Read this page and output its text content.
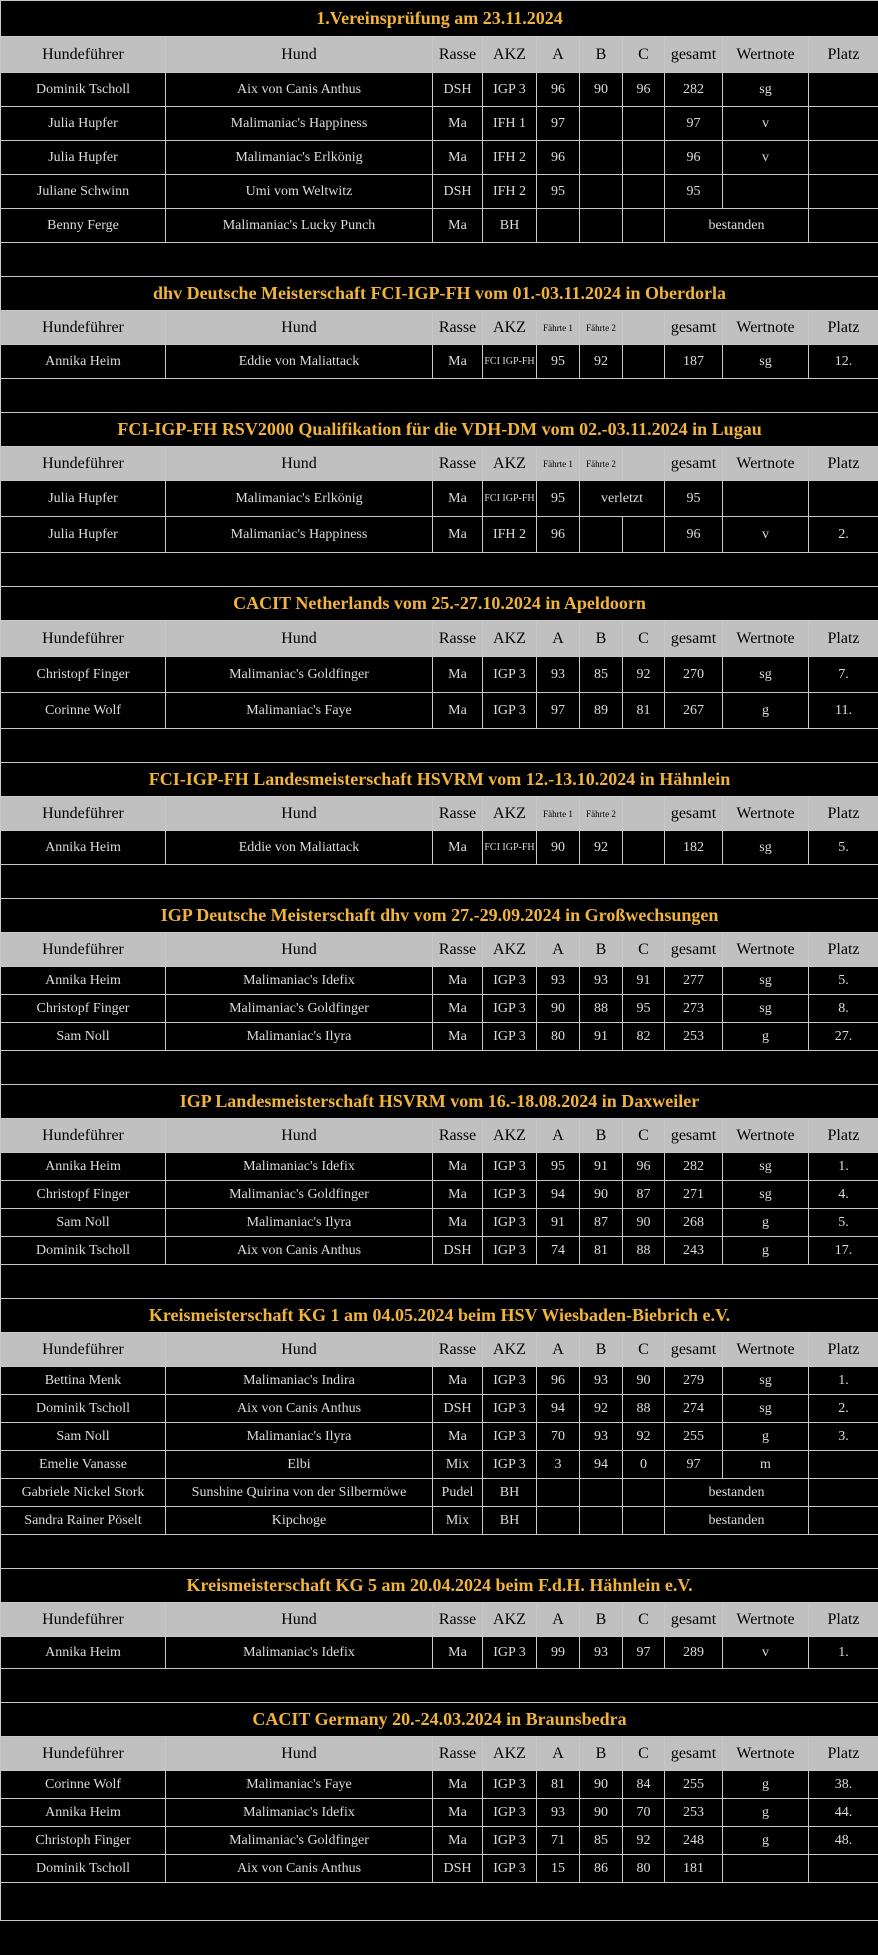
1.Vereinsprüfung am 23.11.2024									
Hundeführer	Hund	Rasse	AKZ	A	B	C	gesamt	Wertnote	Platz
Dominik Tscholl	Aix von Canis Anthus	DSH	IGP 3	96	90	96	282	sg	
Julia Hupfer	Malimaniac's Happiness	Ma	IFH 1	97			97	v	
Julia Hupfer	Malimaniac's Erlkönig	Ma	IFH 2	96			96	v	
Juliane Schwinn	Umi vom Weltwitz	DSH	IFH 2	95			95		
Benny Ferge	Malimaniac's Lucky Punch	Ma	BH				bestanden		

dhv Deutsche Meisterschaft FCI-IGP-FH vom 01.-03.11.2024 in Oberdorla									
Hundeführer	Hund	Rasse	AKZ	Fährte 1	Fährte 2		gesamt	Wertnote	Platz
Annika Heim	Eddie von Maliattack	Ma	FCI IGP-FH	95	92		187	sg	12.

FCI-IGP-FH RSV2000 Qualifikation für die VDH-DM vom 02.-03.11.2024 in Lugau									
Hundeführer	Hund	Rasse	AKZ	Fährte 1	Fährte 2		gesamt	Wertnote	Platz
Julia Hupfer	Malimaniac's Erlkönig	Ma	FCI IGP-FH	95	verletzt		95		
Julia Hupfer	Malimaniac's Happiness	Ma	IFH 2	96			96	v	2.

CACIT Netherlands vom 25.-27.10.2024 in Apeldoorn									
Hundeführer	Hund	Rasse	AKZ	A	B	C	gesamt	Wertnote	Platz
Christopf Finger	Malimaniac's Goldfinger	Ma	IGP 3	93	85	92	270	sg	7.
Corinne Wolf	Malimaniac's Faye	Ma	IGP 3	97	89	81	267	g	11.

FCI-IGP-FH Landesmeisterschaft HSVRM vom 12.-13.10.2024 in Hähnlein									
Hundeführer	Hund	Rasse	AKZ	Fährte 1	Fährte 2		gesamt	Wertnote	Platz
Annika Heim	Eddie von Maliattack	Ma	FCI IGP-FH	90	92		182	sg	5.

IGP Deutsche Meisterschaft dhv vom 27.-29.09.2024 in Großwechsungen									
Hundeführer	Hund	Rasse	AKZ	A	B	C	gesamt	Wertnote	Platz
Annika Heim	Malimaniac's Idefix	Ma	IGP 3	93	93	91	277	sg	5.
Christopf Finger	Malimaniac's Goldfinger	Ma	IGP 3	90	88	95	273	sg	8.
Sam Noll	Malimaniac's Ilyra	Ma	IGP 3	80	91	82	253	g	27.

IGP Landesmeisterschaft HSVRM vom 16.-18.08.2024 in Daxweiler									
Hundeführer	Hund	Rasse	AKZ	A	B	C	gesamt	Wertnote	Platz
Annika Heim	Malimaniac's Idefix	Ma	IGP 3	95	91	96	282	sg	1.
Christopf Finger	Malimaniac's Goldfinger	Ma	IGP 3	94	90	87	271	sg	4.
Sam Noll	Malimaniac's Ilyra	Ma	IGP 3	91	87	90	268	g	5.
Dominik Tscholl	Aix von Canis Anthus	DSH	IGP 3	74	81	88	243	g	17.

Kreismeisterschaft KG 1 am 04.05.2024 beim HSV Wiesbaden-Biebrich e.V.									
Hundeführer	Hund	Rasse	AKZ	A	B	C	gesamt	Wertnote	Platz
Bettina Menk	Malimaniac's Indira	Ma	IGP 3	96	93	90	279	sg	1.
Dominik Tscholl	Aix von Canis Anthus	DSH	IGP 3	94	92	88	274	sg	2.
Sam Noll	Malimaniac's Ilyra	Ma	IGP 3	70	93	92	255	g	3.
Emelie Vanasse	Elbi	Mix	IGP 3	3	94	0	97	m	
Gabriele Nickel Stork	Sunshine Quirina von der Silbermöwe	Pudel	BH				bestanden		
Sandra Rainer Pöselt	Kipchoge	Mix	BH				bestanden		

Kreismeisterschaft KG 5 am 20.04.2024 beim F.d.H. Hähnlein e.V.									
Hundeführer	Hund	Rasse	AKZ	A	B	C	gesamt	Wertnote	Platz
Annika Heim	Malimaniac's Idefix	Ma	IGP 3	99	93	97	289	v	1.

CACIT Germany 20.-24.03.2024 in Braunsbedra									
Hundeführer	Hund	Rasse	AKZ	A	B	C	gesamt	Wertnote	Platz
Corinne Wolf	Malimaniac's Faye	Ma	IGP 3	81	90	84	255	g	38.
Annika Heim	Malimaniac's Idefix	Ma	IGP 3	93	90	70	253	g	44.
Christoph Finger	Malimaniac's Goldfinger	Ma	IGP 3	71	85	92	248	g	48.
Dominik Tscholl	Aix von Canis Anthus	DSH	IGP 3	15	86	80	181		
